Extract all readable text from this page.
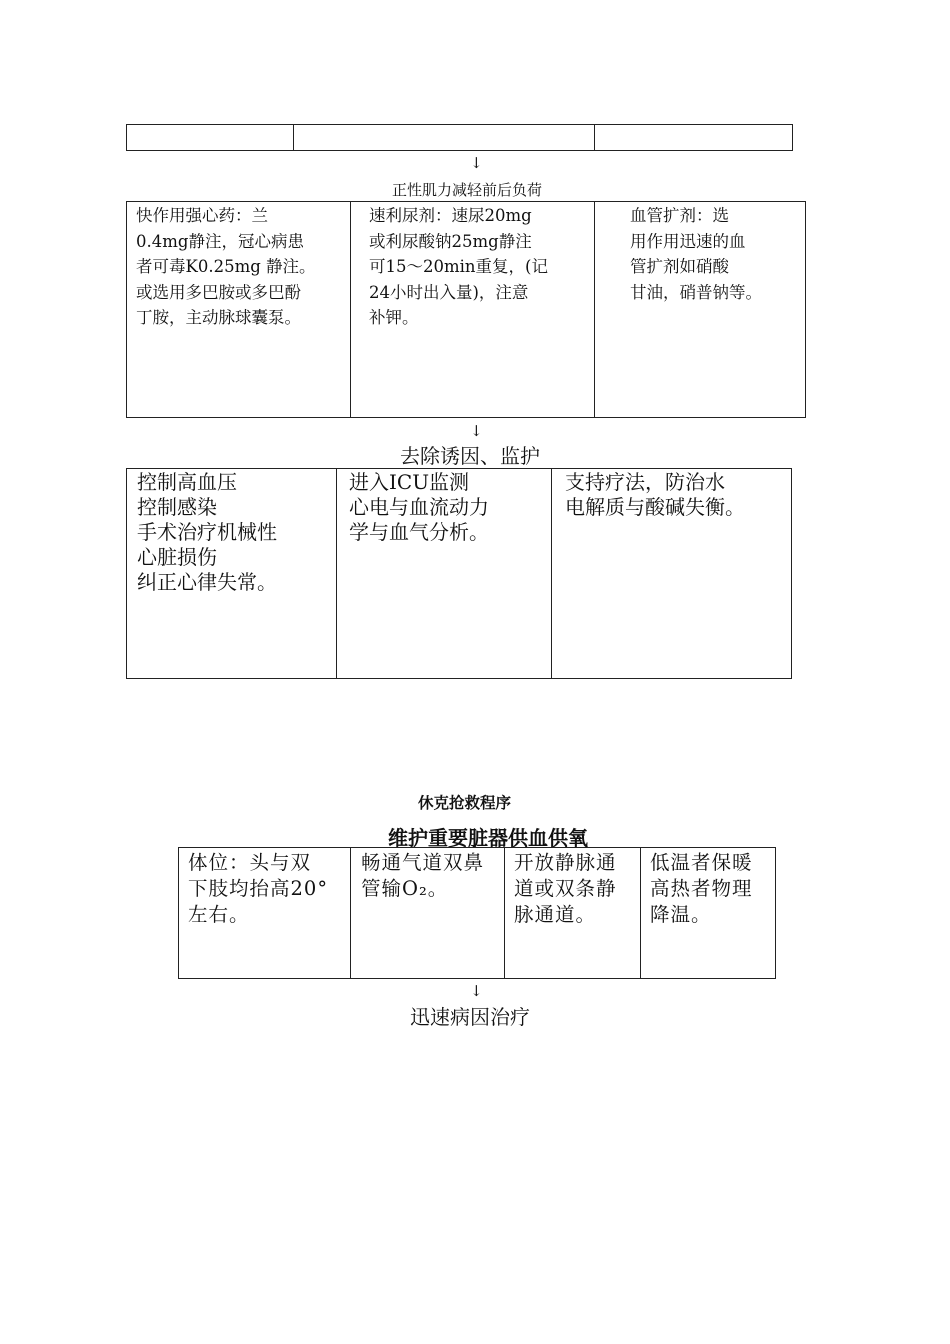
↓
正性肌力减轻前后负荷
快作用强心药：兰
0.4mg静注，冠心病患
者可毒K0.25mg 静注。
或选用多巴胺或多巴酚
丁胺，主动脉球囊泵。
速利尿剂：速尿20mg
或利尿酸钠25mg静注
可15～20min重复，(记
24小时出入量)，注意
补钾。
血管扩剂：选
用作用迅速的血
管扩剂如硝酸
甘油，硝普钠等。
↓
去除诱因、监护
控制高血压
控制感染
手术治疗机械性
心脏损伤
纠正心律失常。
进入ICU监测
心电与血流动力
学与血气分析。
支持疗法，防治水
电解质与酸碱失衡。
休克抢救程序
维护重要脏器供血供氧
体位：头与双
下肢均抬高20°
左右。
畅通气道双鼻
管输O₂。
开放静脉通
道或双条静
脉通道。
低温者保暖
高热者物理
降温。
↓
迅速病因治疗
